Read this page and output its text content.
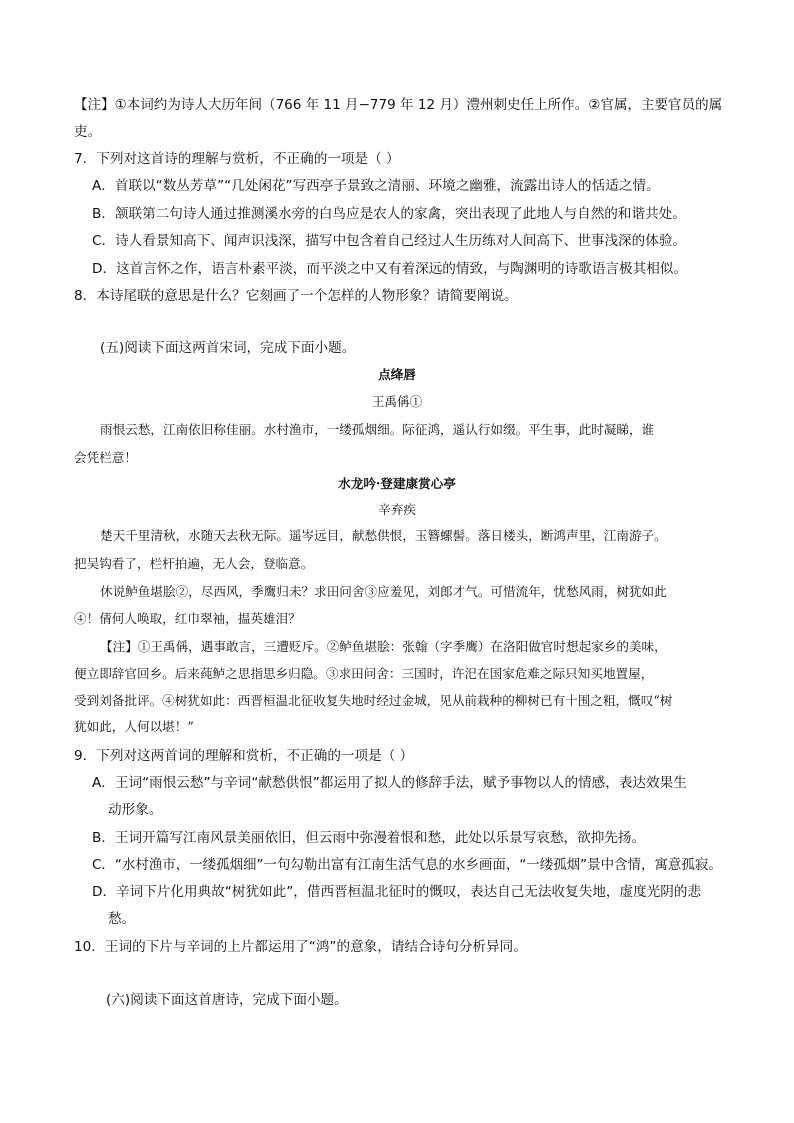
【注】①本词约为诗人大历年间（766 年 11 月−779 年 12 月）澧州刺史任上所作。②官属，主要官员的属
吏。
7．下列对这首诗的理解与赏析，不正确的一项是（ ）
A．首联以“数丛芳草”“几处闲花”写西亭子景致之清丽、环境之幽雅，流露出诗人的恬适之情。
B．颔联第二句诗人通过推测溪水旁的白鸟应是农人的家禽，突出表现了此地人与自然的和谐共处。
C．诗人看景知高下、闻声识浅深，描写中包含着自己经过人生历练对人间高下、世事浅深的体验。
D．这首言怀之作，语言朴素平淡，而平淡之中又有着深远的情致，与陶渊明的诗歌语言极其相似。
8．本诗尾联的意思是什么？它刻画了一个怎样的人物形象？请简要阐说。
(五)阅读下面这两首宋词，完成下面小题。
点绛唇
王禹偁①
雨恨云愁，江南依旧称佳丽。水村渔市，一缕孤烟细。际征鸿，遥认行如缀。平生事，此时凝睇，谁
会凭栏意！
水龙吟·登建康赏心亭
辛弃疾
楚天千里清秋，水随天去秋无际。遥岑远目，献愁供恨，玉簪螺髻。落日楼头，断鸿声里，江南游子。
把吴钩看了，栏杆拍遍，无人会，登临意。
休说鲈鱼堪脍②，尽西风，季鹰归未？求田问舍③应羞见，刘郎才气。可惜流年，忧愁风雨，树犹如此
④！倩何人唤取，红巾翠袖，揾英雄泪？
【注】①王禹偁，遇事敢言，三遭贬斥。②鲈鱼堪脍：张翰（字季鹰）在洛阳做官时想起家乡的美味，
便立即辞官回乡。后来莼鲈之思指思乡归隐。③求田问舍：三国时，许汜在国家危难之际只知买地置屋，
受到刘备批评。④树犹如此：西晋桓温北征收复失地时经过金城，见从前栽种的柳树已有十围之粗，慨叹“树
犹如此，人何以堪！”
9．下列对这两首词的理解和赏析，不正确的一项是（ ）
A．王词“雨恨云愁”与辛词“献愁供恨”都运用了拟人的修辞手法，赋予事物以人的情感，表达效果生
动形象。
B．王词开篇写江南风景美丽依旧，但云雨中弥漫着恨和愁，此处以乐景写哀愁，欲抑先扬。
C．“水村渔市，一缕孤烟细”一句勾勒出富有江南生活气息的水乡画面，“一缕孤烟”景中含情，寓意孤寂。
D．辛词下片化用典故“树犹如此”，借西晋桓温北征时的慨叹，表达自己无法收复失地，虚度光阴的悲
愁。
10．王词的下片与辛词的上片都运用了“鸿”的意象，请结合诗句分析异同。
(六)阅读下面这首唐诗，完成下面小题。
